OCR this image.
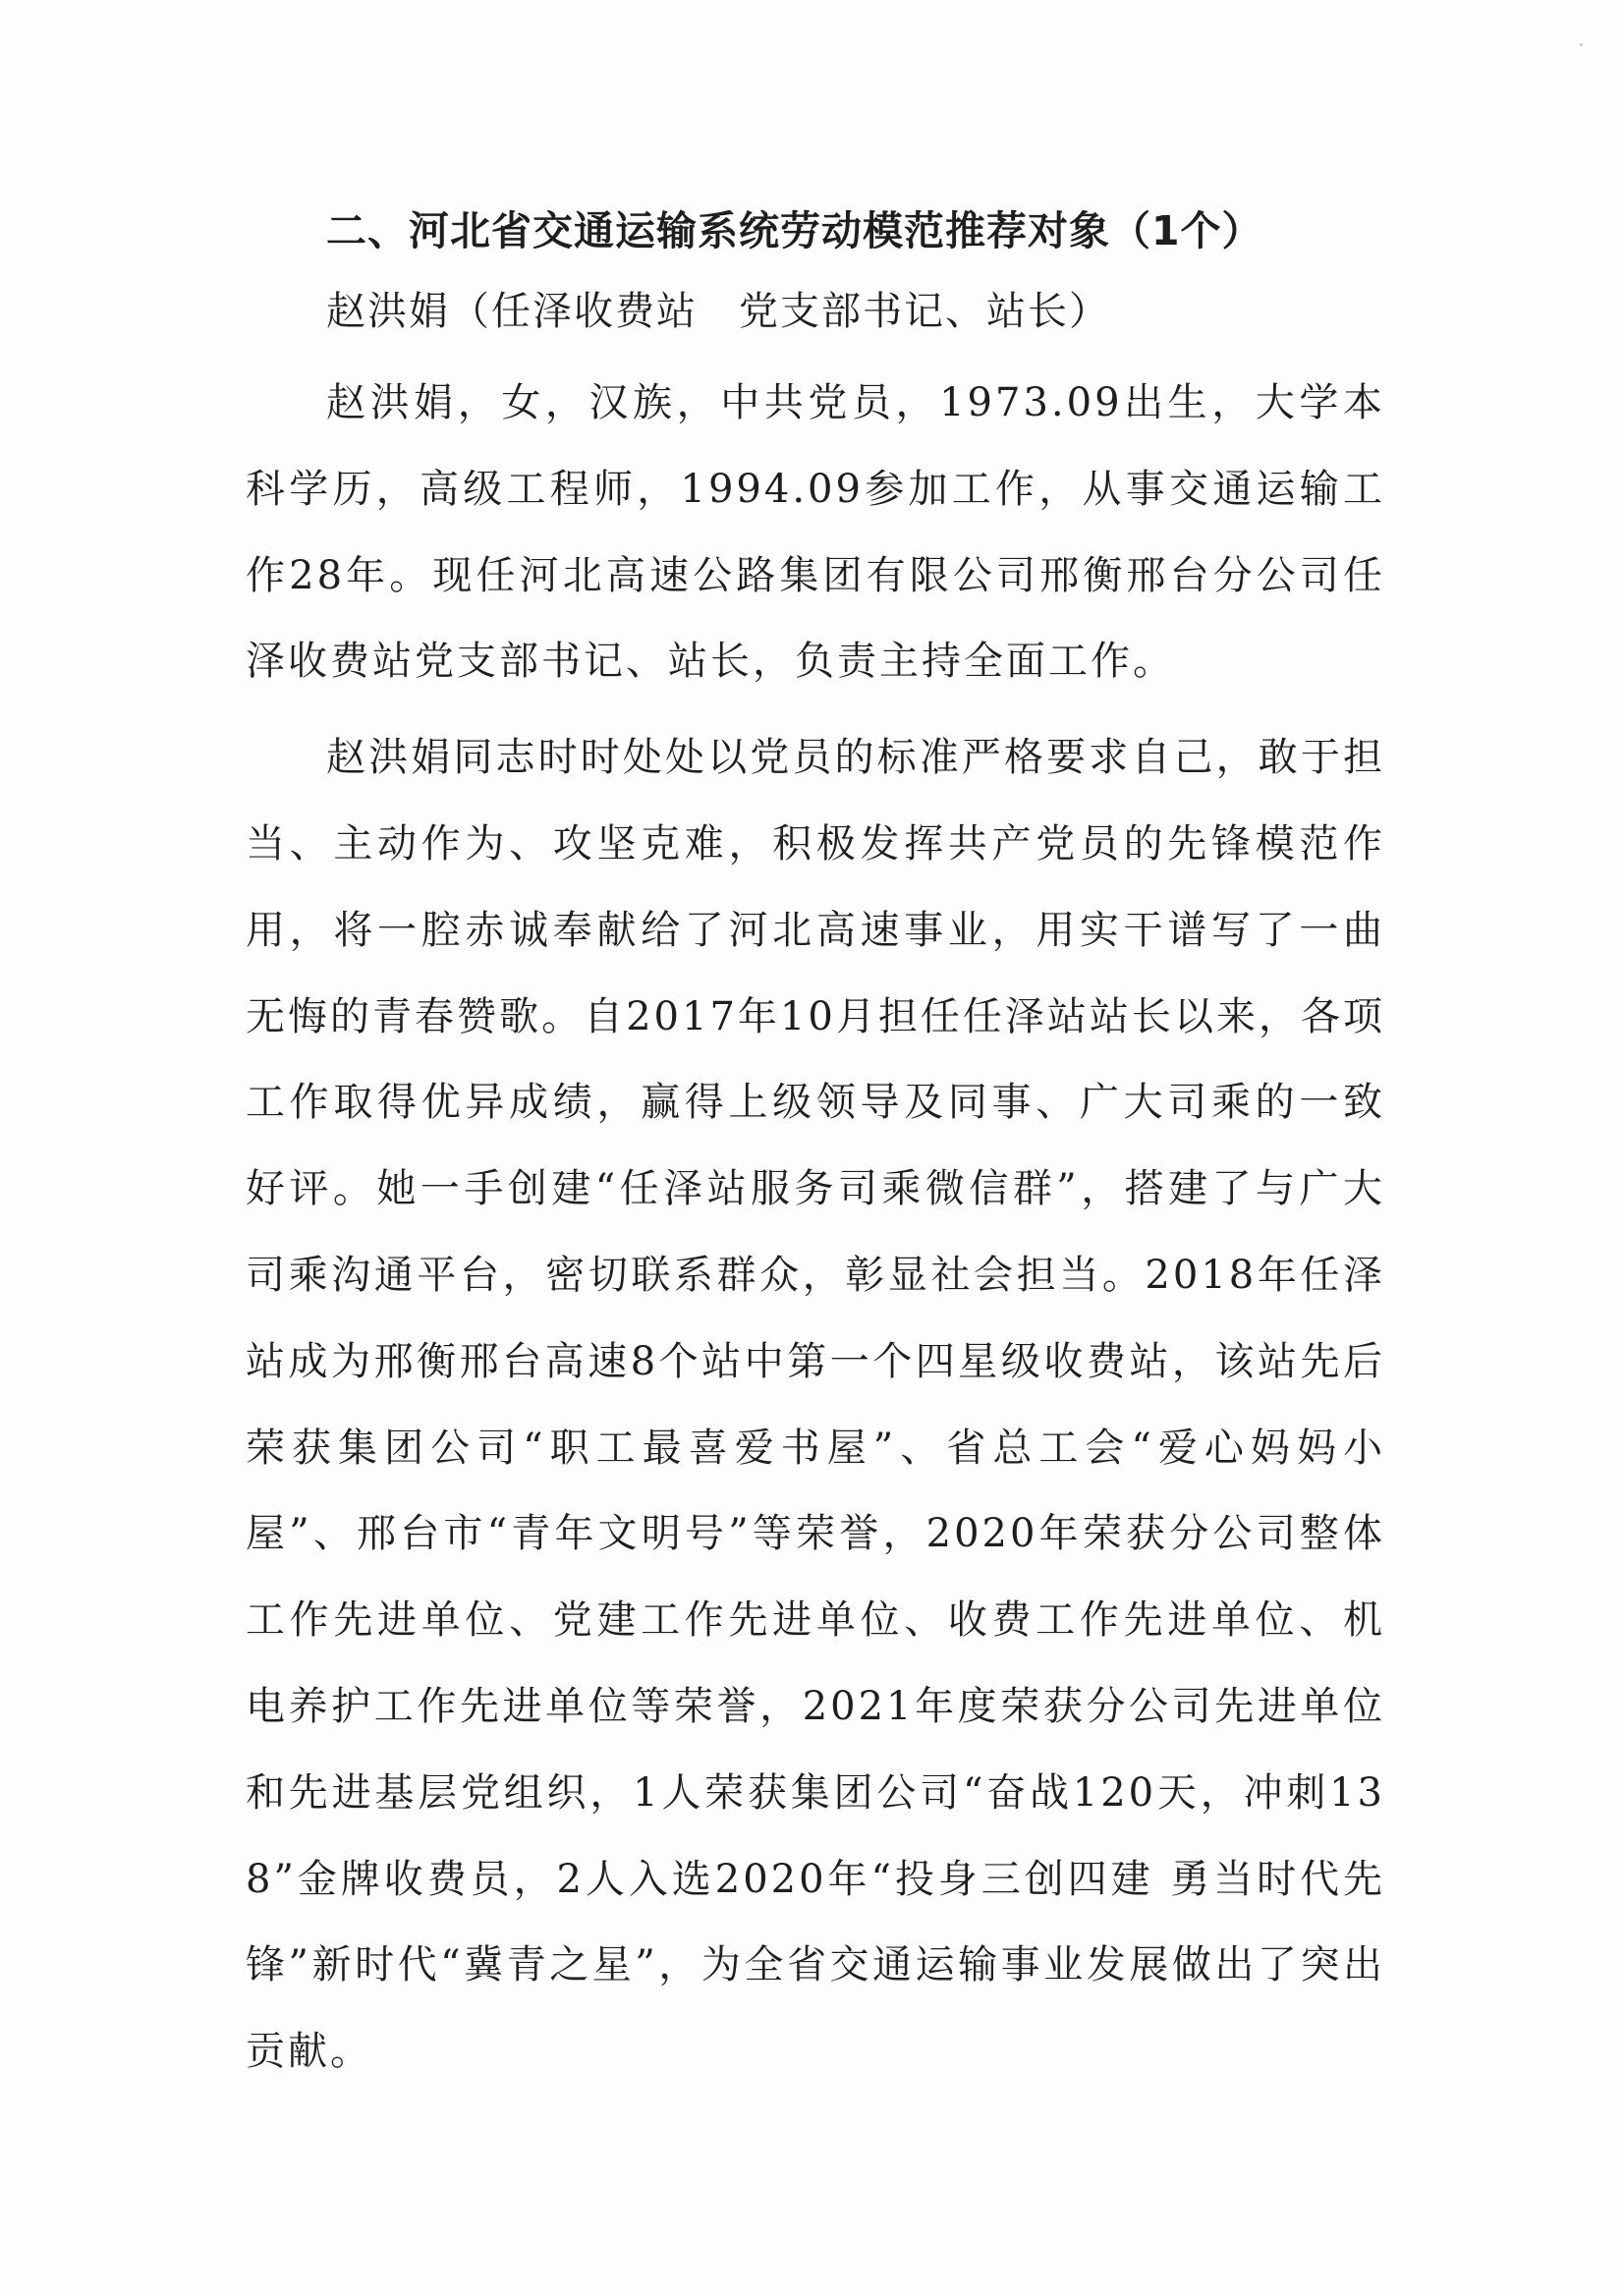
二、河北省交通运输系统劳动模范推荐对象（1个）
赵洪娟（任泽收费站　党支部书记、站长）

赵洪娟，女，汉族，中共党员，1973.09出生，大学本科学历，高级工程师，1994.09参加工作，从事交通运输工作28年。现任河北高速公路集团有限公司邢衡邢台分公司任泽收费站党支部书记、站长，负责主持全面工作。

赵洪娟同志时时处处以党员的标准严格要求自己，敢于担当、主动作为、攻坚克难，积极发挥共产党员的先锋模范作用，将一腔赤诚奉献给了河北高速事业，用实干谱写了一曲无悔的青春赞歌。自2017年10月担任任泽站站长以来，各项工作取得优异成绩，赢得上级领导及同事、广大司乘的一致好评。她一手创建“任泽站服务司乘微信群”，搭建了与广大司乘沟通平台，密切联系群众，彰显社会担当。2018年任泽站成为邢衡邢台高速8个站中第一个四星级收费站，该站先后荣获集团公司“职工最喜爱书屋”、省总工会“爱心妈妈小屋”、邢台市“青年文明号”等荣誉，2020年荣获分公司整体工作先进单位、党建工作先进单位、收费工作先进单位、机电养护工作先进单位等荣誉，2021年度荣获分公司先进单位和先进基层党组织，1人荣获集团公司“奋战120天，冲刺138”金牌收费员，2人入选2020年“投身三创四建 勇当时代先锋”新时代“冀青之星”，为全省交通运输事业发展做出了突出贡献。
